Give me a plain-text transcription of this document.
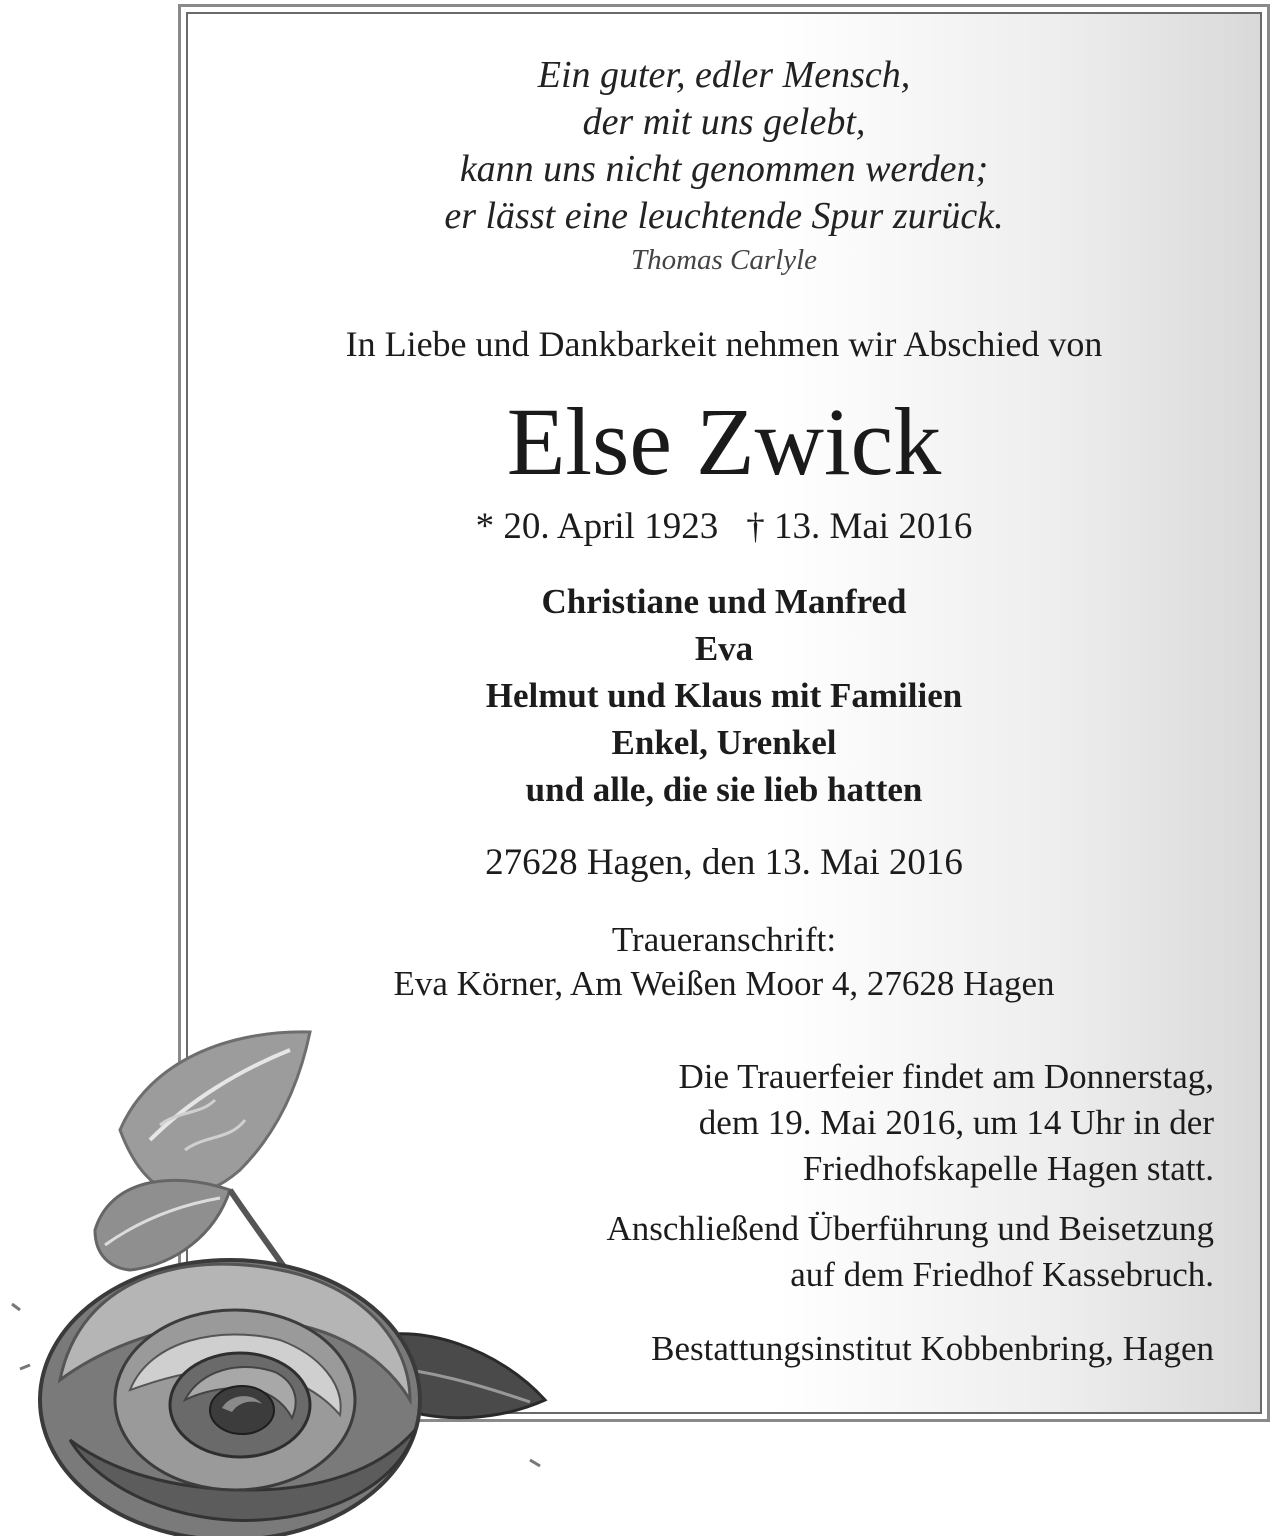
Ein guter, edler Mensch,
der mit uns gelebt,
kann uns nicht genommen werden;
er lässt eine leuchtende Spur zurück.
Thomas Carlyle
In Liebe und Dankbarkeit nehmen wir Abschied von
Else Zwick
* 20. April 1923 † 13. Mai 2016
Christiane und Manfred
Eva
Helmut und Klaus mit Familien
Enkel, Urenkel
und alle, die sie lieb hatten
27628 Hagen, den 13. Mai 2016
Traueranschrift:
Eva Körner, Am Weißen Moor 4, 27628 Hagen
Die Trauerfeier findet am Donnerstag,
dem 19. Mai 2016, um 14 Uhr in der
Friedhofskapelle Hagen statt.
Anschließend Überführung und Beisetzung
auf dem Friedhof Kassebruch.
Bestattungsinstitut Kobbenbring, Hagen
